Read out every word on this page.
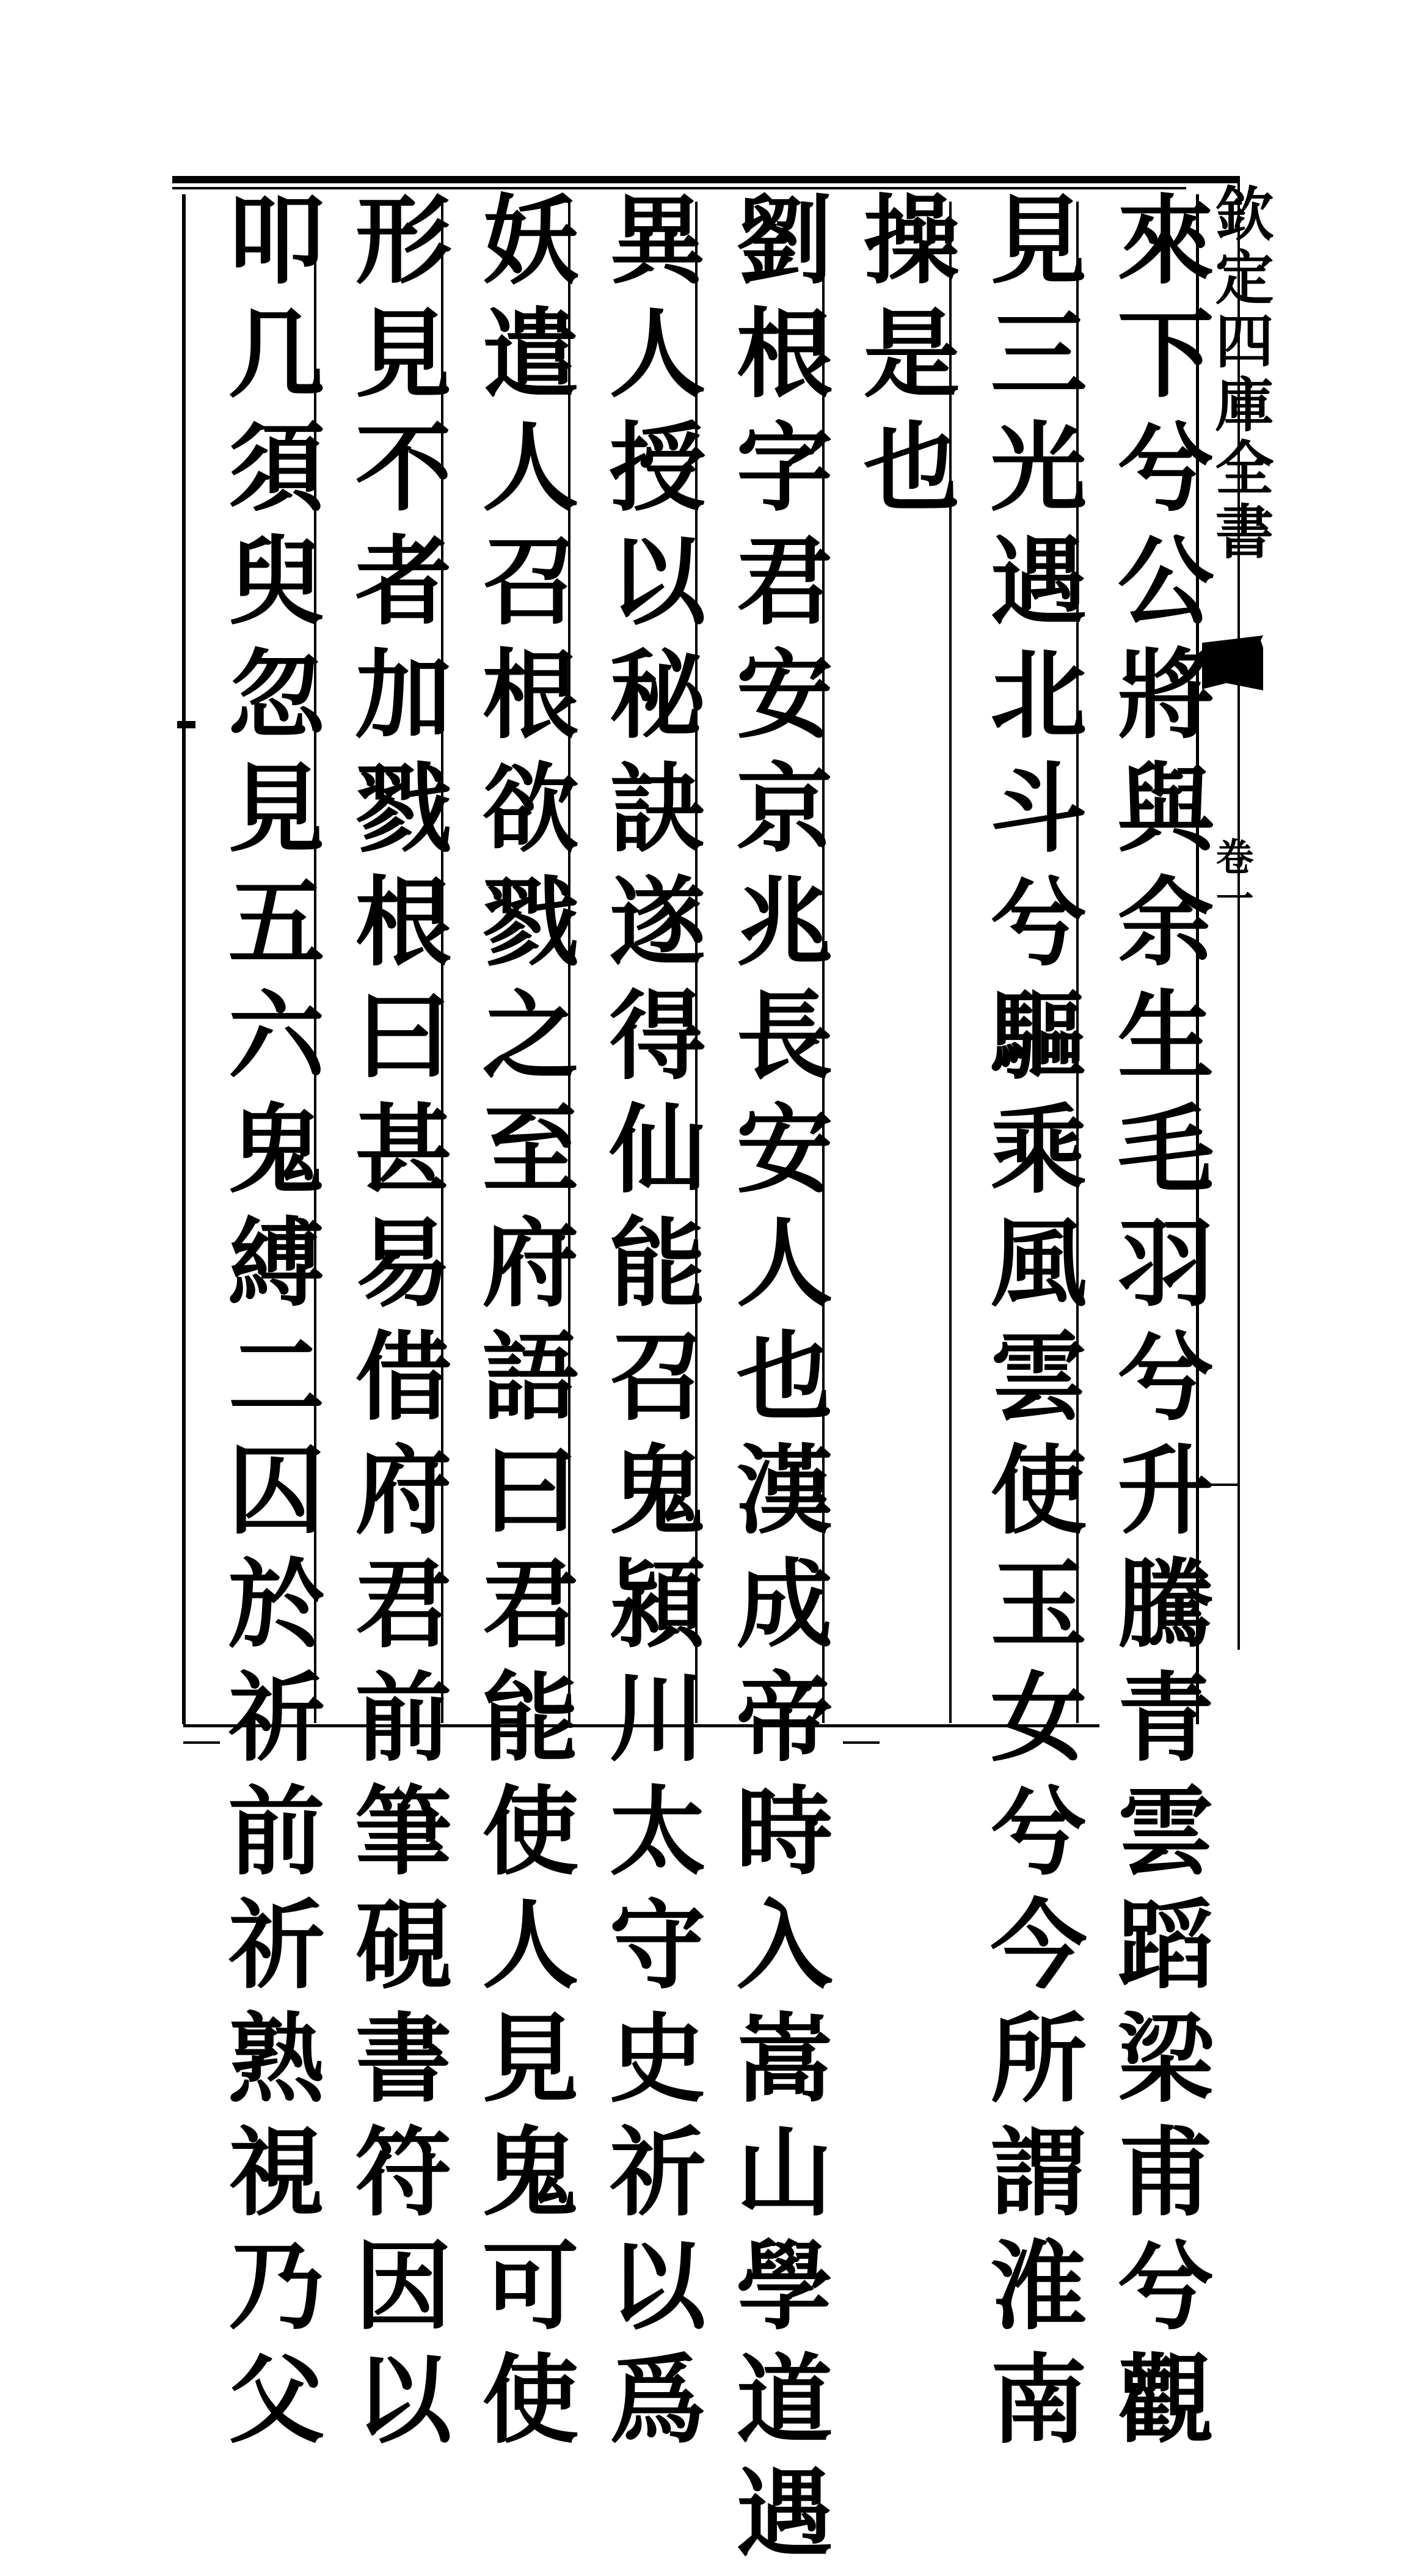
欽定四庫全書
卷一
來下兮公將與余生毛羽兮升騰青雲蹈梁甫兮觀
見三光遇北斗兮驅乘風雲使玉女兮今所謂淮南
操是也
劉根字君安京兆長安人也漢成帝時入嵩山學道遇
異人授以秘訣遂得仙能召鬼潁川太守史祈以爲
妖遣人召根欲戮之至府語曰君能使人見鬼可使
形見不者加戮根曰甚易借府君前筆硯書符因以
叩几須臾忽見五六鬼縛二囚於祈前祈熟視乃父
